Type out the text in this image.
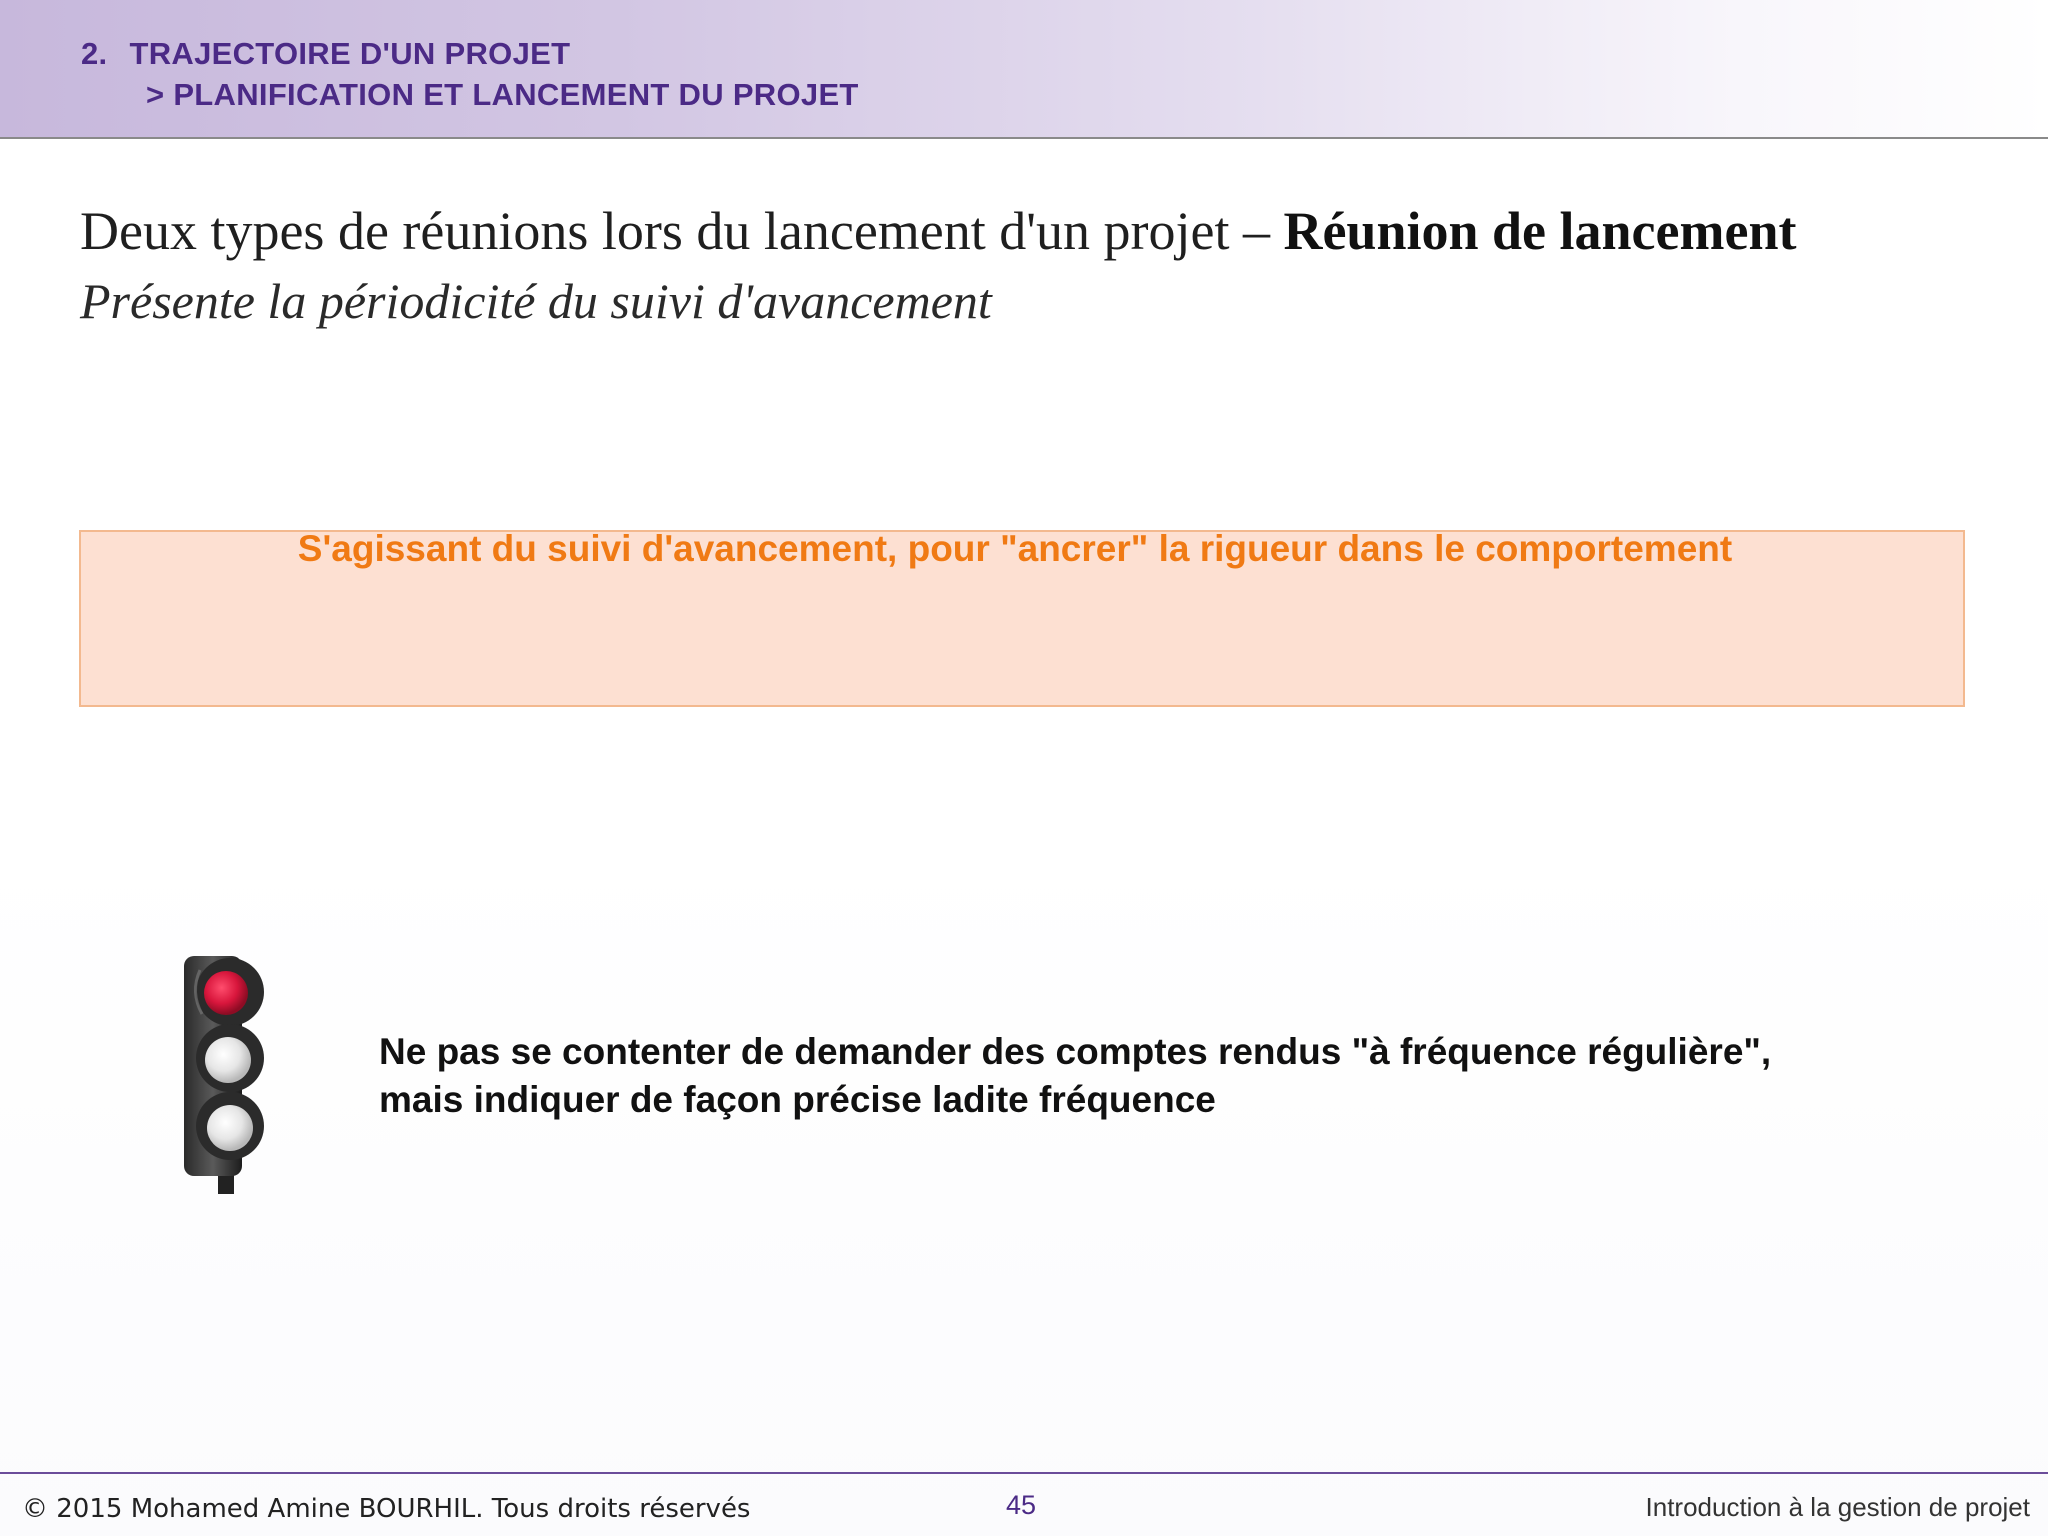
2. TRAJECTOIRE D'UN PROJET
> PLANIFICATION ET LANCEMENT DU PROJET
Deux types de réunions lors du lancement d'un projet – Réunion de lancement
Présente la périodicité du suivi d'avancement
S'agissant du suivi d'avancement, pour "ancrer" la rigueur dans le comportement
Ne pas se contenter de demander des comptes rendus "à fréquence régulière",
mais indiquer de façon précise ladite fréquence
© 2015 Mohamed Amine BOURHIL. Tous droits réservés	45	Introduction à la gestion de projet
